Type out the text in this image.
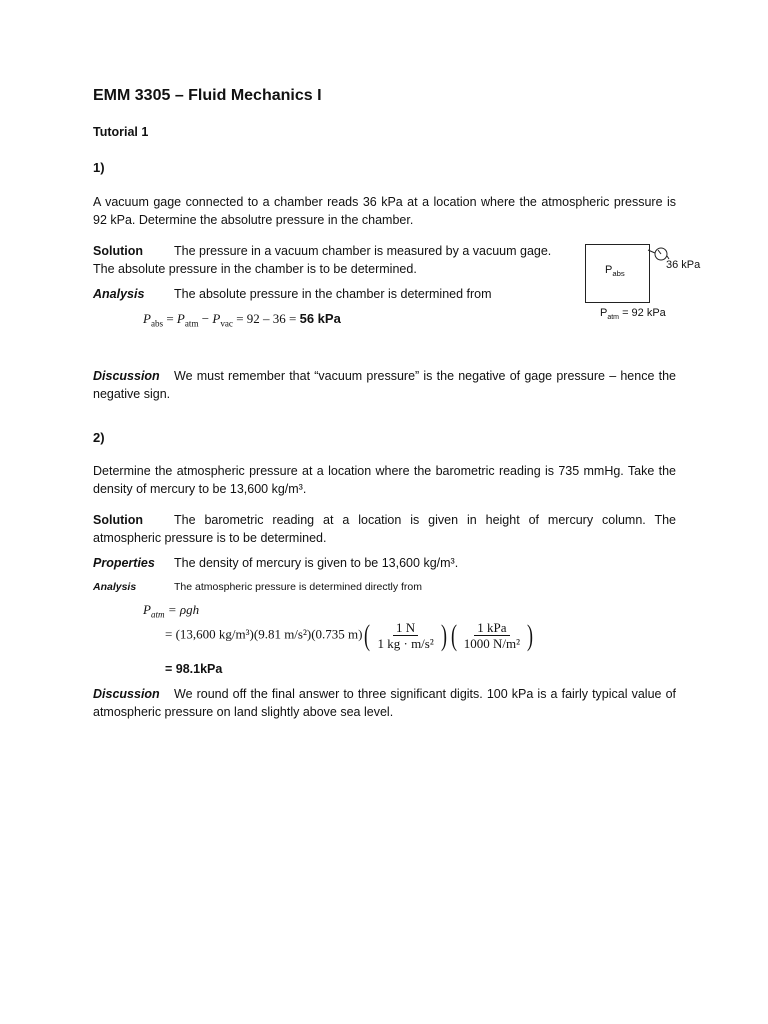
EMM 3305 – Fluid Mechanics I
Tutorial 1
1)

A vacuum gage connected to a chamber reads 36 kPa at a location where the atmospheric pressure is 92 kPa. Determine the absolutre pressure in the chamber.

Solution The pressure in a vacuum chamber is measured by a vacuum gage.
The absolute pressure in the chamber is to be determined.
Analysis The absolute pressure in the chamber is determined from
$P_{abs} = P_{atm} - P_{vac} = 92 - 36 = 56$ kPa
$P_{abs}$
36 kPa
$P_{atm} = 92$ kPa

Discussion We must remember that “vacuum pressure” is the negative of gage pressure – hence the negative sign.

2)

Determine the atmospheric pressure at a location where the barometric reading is 735 mmHg. Take the density of mercury to be 13,600 kg/m³.

Solution The barometric reading at a location is given in height of mercury column. The atmospheric pressure is to be determined.

Properties The density of mercury is given to be 13,600 kg/m³.
Analysis	The atmospheric pressure is determined directly from
$P_{atm} = \rho gh$
= (13,600 kg/m³)(9.81 m/s²)(0.735 $m)( \frac{1 N}{\text{1 kg · m/s²}}$ ) ( $\frac{\text{1 kPa}}{\text{1000 N/m²}}$ )
= 98.1kPa

Discussion We round off the final answer to three significant digits. 100 kPa is a fairly typical value of atmospheric pressure on land slightly above sea level.
